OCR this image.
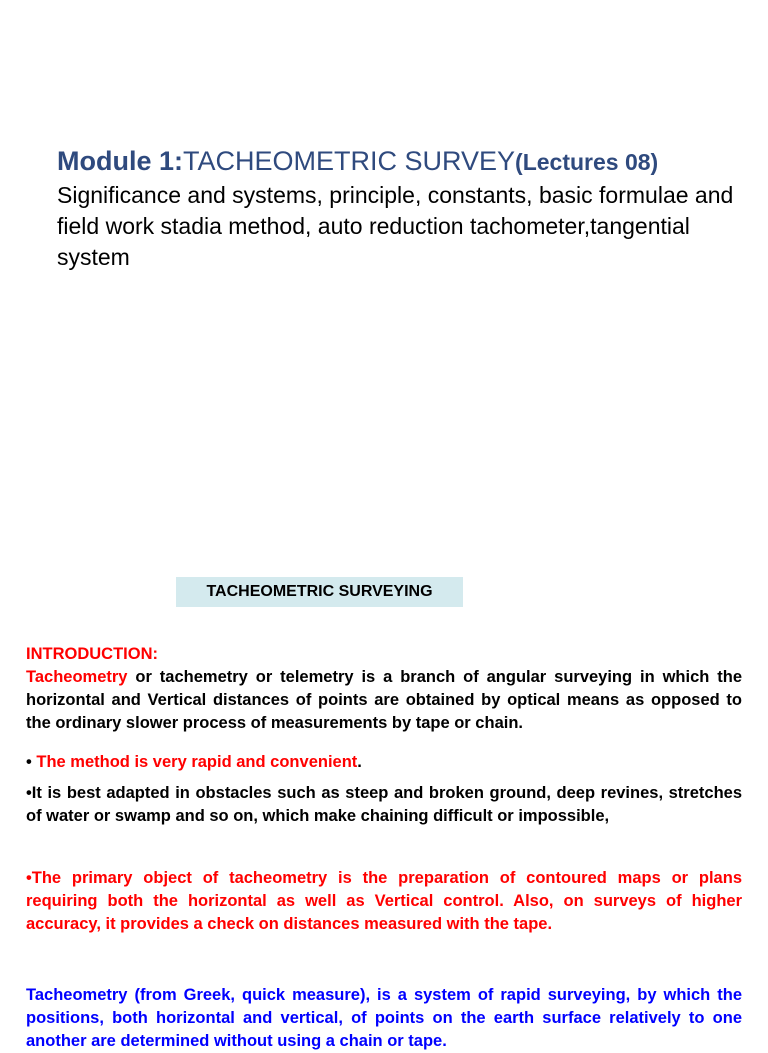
Module 1:TACHEOMETRIC SURVEY(Lectures 08)
Significance and systems, principle, constants, basic formulae and field work stadia method, auto reduction tachometer,tangential system
TACHEOMETRIC SURVEYING

INTRODUCTION:

Tacheometry or tachemetry or telemetry is a branch of angular surveying in which the horizontal and Vertical distances of points are obtained by optical means as opposed to the ordinary slower process of measurements by tape or chain.

• The method is very rapid and convenient.

•It is best adapted in obstacles such as steep and broken ground, deep revines, stretches of water or swamp and so on, which make chaining difficult or impossible,

•The primary object of tacheometry is the preparation of contoured maps or plans requiring both the horizontal as well as Vertical control. Also, on surveys of higher accuracy, it provides a check on distances measured with the tape.

Tacheometry (from Greek, quick measure), is a system of rapid surveying, by which the positions, both horizontal and vertical, of points on the earth surface relatively to one another are determined without using a chain or tape.
